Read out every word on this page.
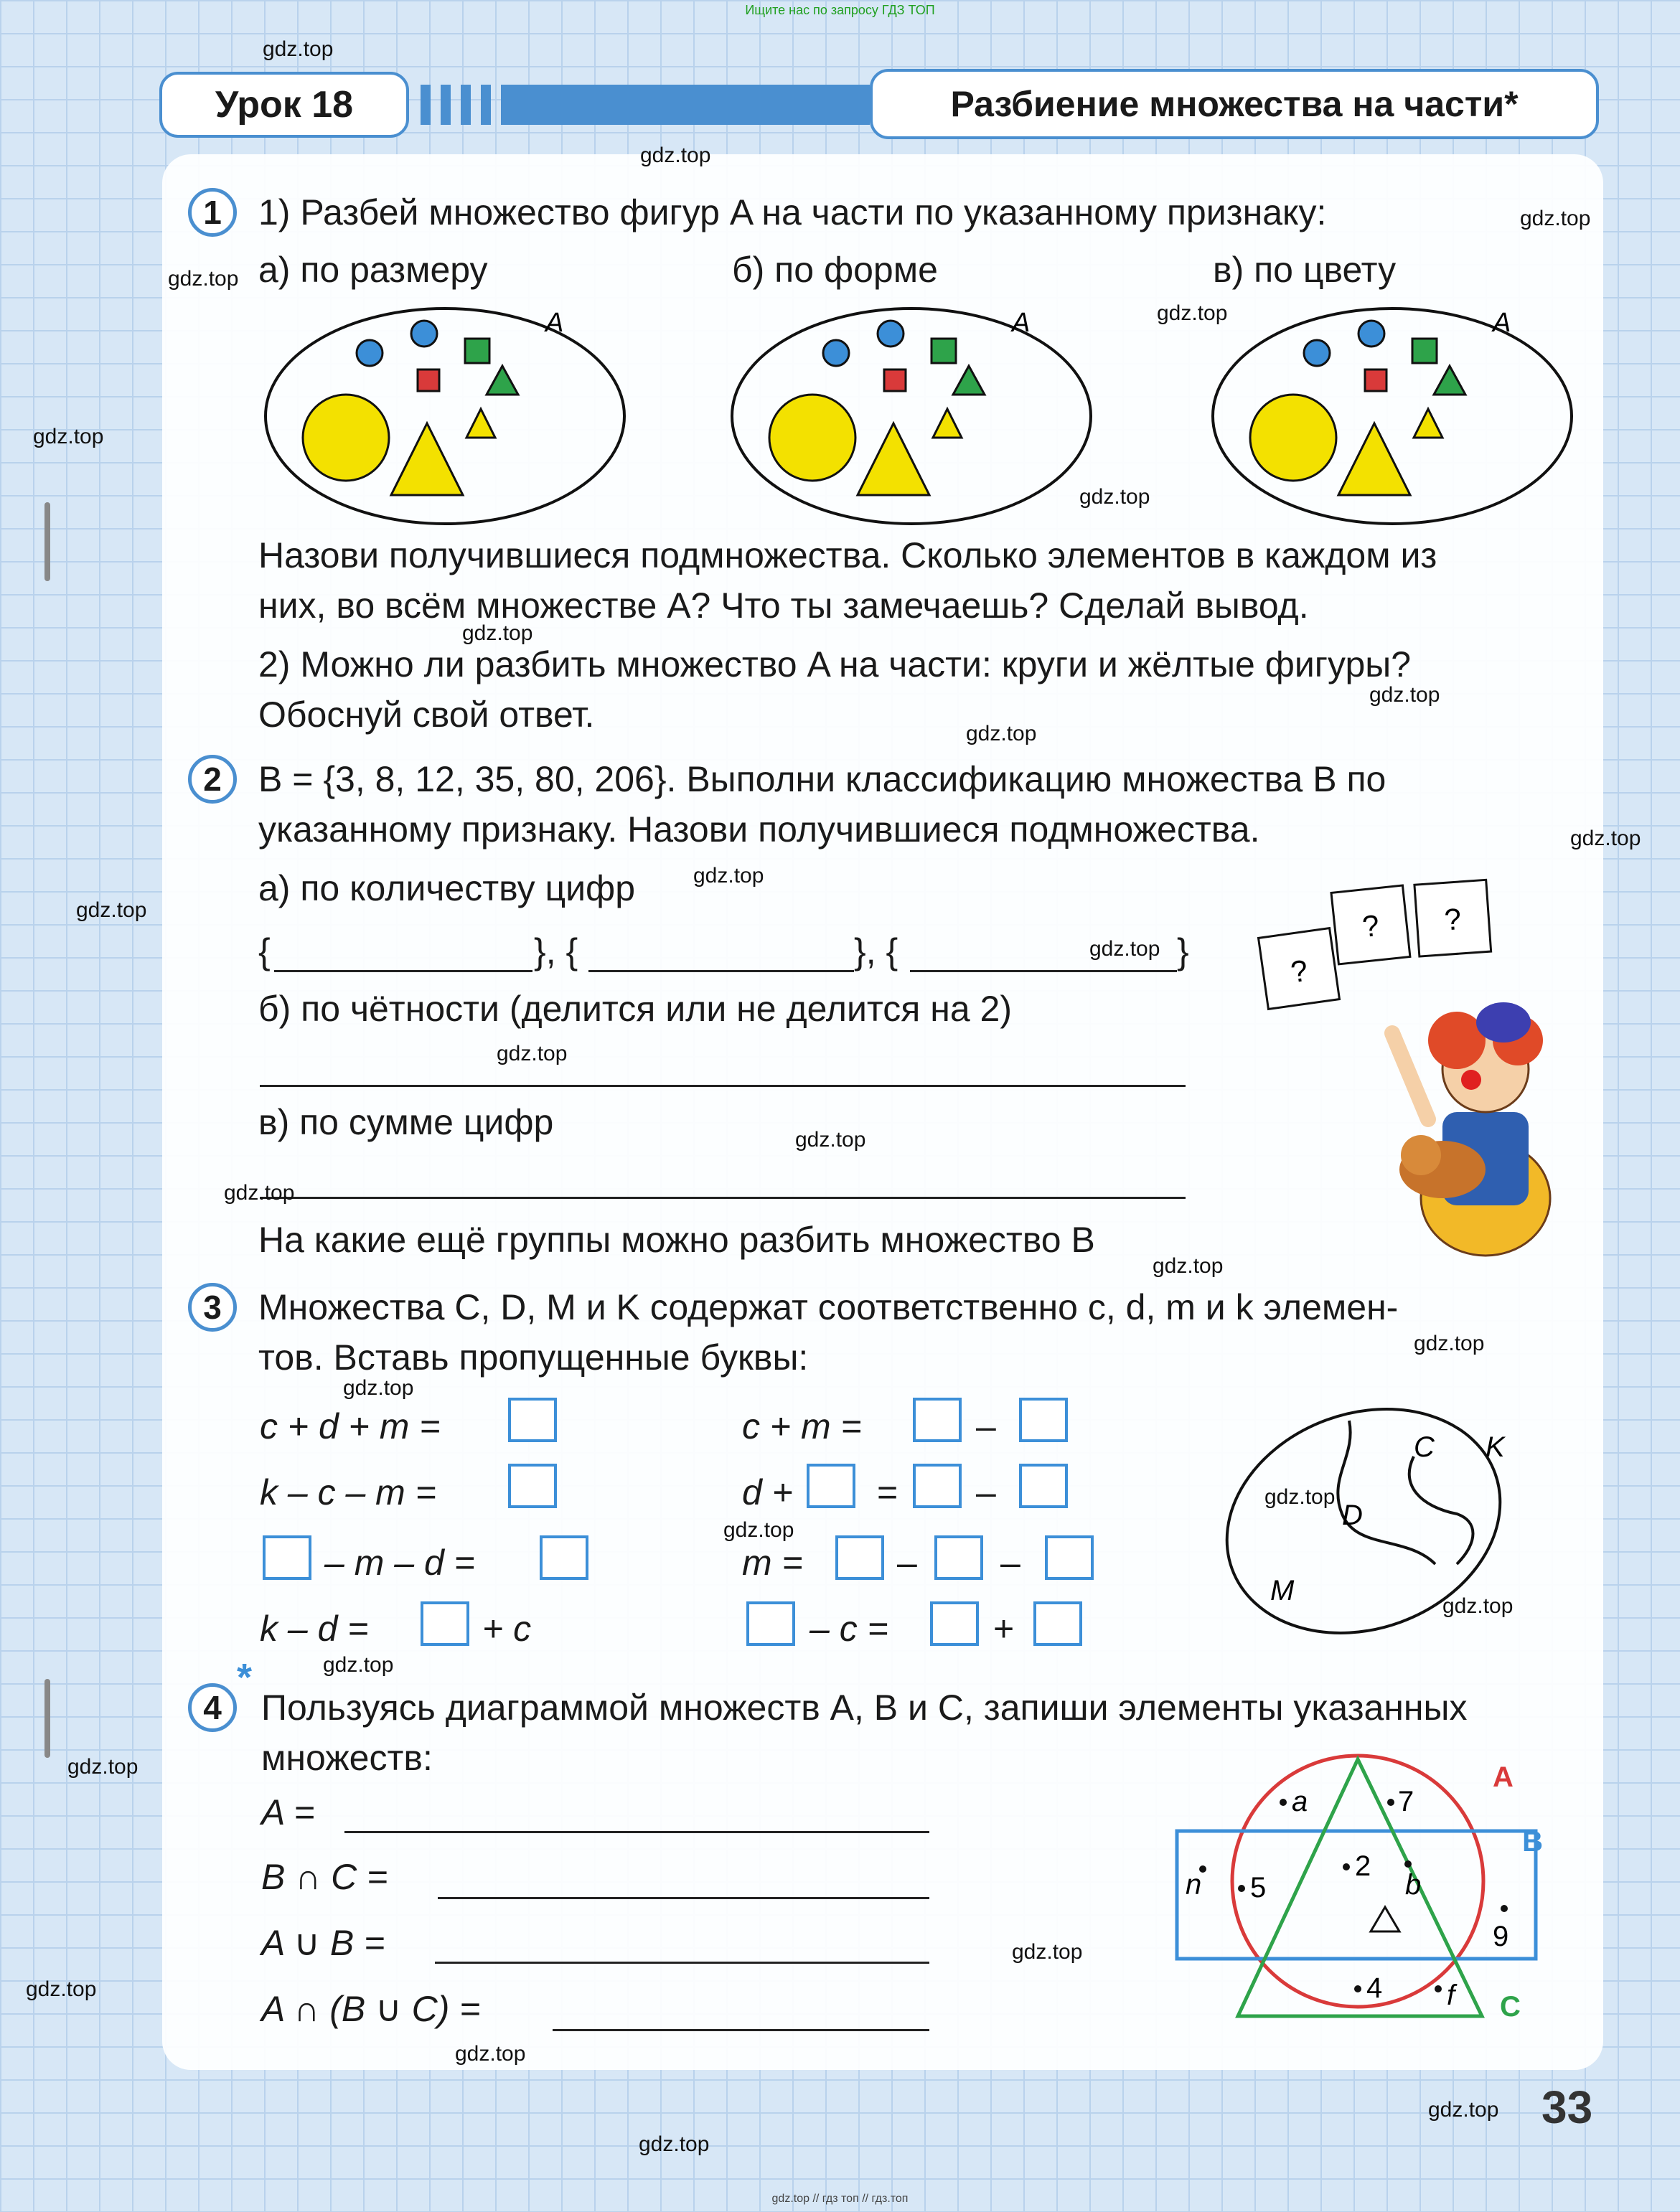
Ищите нас по запросу ГДЗ ТОП
Урок 18	Разбиение множества на части*
1	1) Разбей множество фигур A на части по указанному признаку:
а) по размеру	б) по форме	в) по цвету
A	A	A
Назови получившиеся подмножества. Сколько элементов в каждом из
них, во всём множестве A? Что ты замечаешь? Сделай вывод.
2) Можно ли разбить множество A на части: круги и жёлтые фигуры?
Обоснуй свой ответ.
2	B = {3, 8, 12, 35, 80, 206}. Выполни классификацию множества B по
указанному признаку. Назови получившиеся подмножества.
а) по количеству цифр
{	}, {	}, {	}
б) по чётности (делится или не делится на 2)
в) по сумме цифр
На какие ещё группы можно разбить множество B
?
? ?
3	Множества C, D, M и K содержат соответственно c, d, m и k элемен-
тов. Вставь пропущенные буквы:
c + d + m =
k – c – m =
– m – d =
k – d =	+ c
c + m =	–
d + = –
m =	– –
– c =	+
C K
D
M
*
4	Пользуясь диаграммой множеств A, B и C, запиши элементы указанных
множеств:
A =
B ∩ C =
A ∪ B =
A ∩ (B ∪ C) =
A
B
C
a	7
2
b
n 5
9
4 f
33
gdz.top // гдз топ // гдз.топ
gdz.top
gdz.top
gdz.top
gdz.top
gdz.top
gdz.top
gdz.top
gdz.top
gdz.top
gdz.top
gdz.top
gdz.top
gdz.top
gdz.top
gdz.top
gdz.top
gdz.top
gdz.top
gdz.top
gdz.top
gdz.top
gdz.top
gdz.top
gdz.top
gdz.top
gdz.top
gdz.top
gdz.top
gdz.top
gdz.top
